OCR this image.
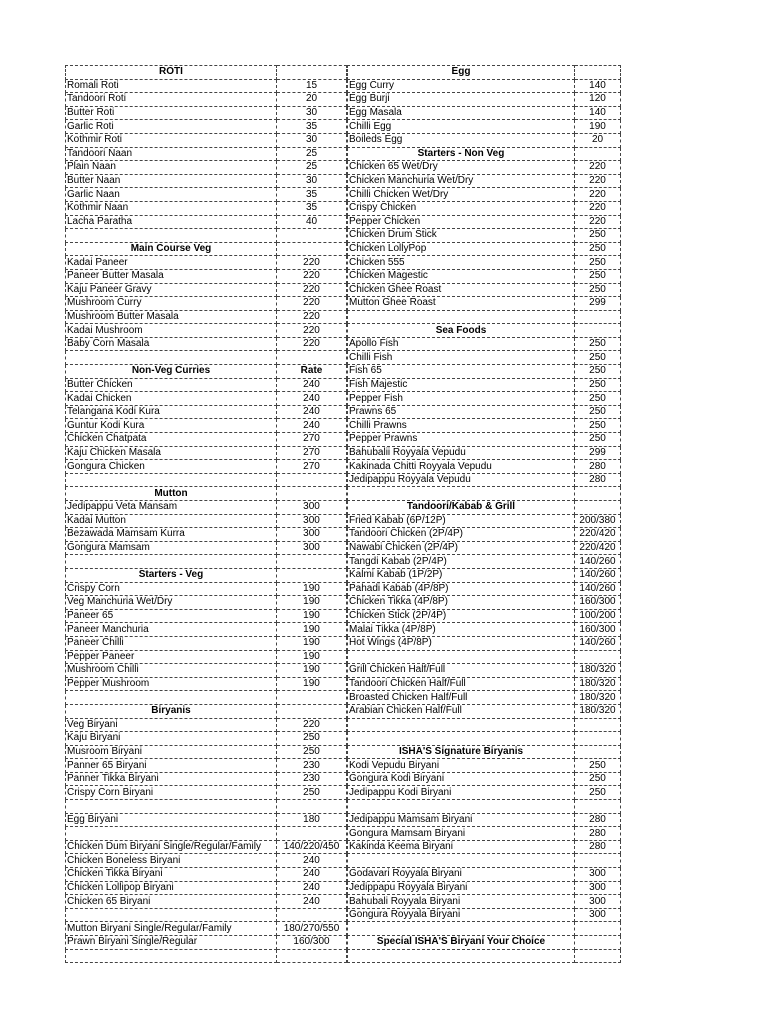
ROTI	
Romali Roti	15
Tandoori Roti	20
Butter Roti	30
Garlic Roti	35
Kothmir Roti	30
Tandoori Naan	25
Plain Naan	25
Butter Naan	30
Garlic Naan	35
Kothmir Naan	35
Lacha Paratha	40

Main Course Veg	
Kadai Paneer	220
Paneer Butter Masala	220
Kaju Paneer Gravy	220
Mushroom Curry	220
Mushroom Butter Masala	220
Kadai Mushroom	220
Baby Corn Masala	220

Non-Veg Curries	Rate
Butter Chicken	240
Kadai Chicken	240
Telangana Kodi Kura	240
Guntur Kodi Kura	240
Chicken Chatpata	270
Kaju Chicken Masala	270
Gongura Chicken	270

Mutton	
Jedipappu Veta Mansam	300
Kadai Mutton	300
Bezawada Mamsam Kurra	300
Gongura Mamsam	300

Starters - Veg	
Crispy Corn	190
Veg Manchuria Wet/Dry	190
Paneer 65	190
Paneer Manchuria	190
Paneer Chilli	190
Pepper Paneer	190
Mushroom Chilli	190
Pepper Mushroom	190

Biryanis	
Veg Biryani	220
Kaju Biryani	250
Musroom Biryani	250
Panner 65 Biryani	230
Panner Tikka Biryani	230
Crispy Corn Biryani	250

Egg Biryani	180

Chicken Dum Biryani Single/Regular/Family	140/220/450
Chicken Boneless Biryani	240
Chicken Tikka Biryani	240
Chicken Lollipop Biryani	240
Chicken 65 Biryani	240

Mutton Biryani Single/Regular/Family	180/270/550
Prawn Biryani Single/Regular	160/300

Egg	
Egg Curry	140
Egg Burji	120
Egg Masala	140
Chilli Egg	190
Boileds Egg	20
Starters - Non Veg	
Chicken 65 Wet/Dry	220
Chicken Manchuria Wet/Dry	220
Chilli Chicken Wet/Dry	220
Crispy Chicken	220
Pepper Chicken	220
Chicken Drum Stick	250
Chicken LollyPop	250
Chicken 555	250
Chicken Magestic	250
Chicken Ghee Roast	250
Mutton Ghee Roast	299

Sea Foods	
Apollo Fish	250
Chilli Fish	250
Fish 65	250
Fish Majestic	250
Pepper Fish	250
Prawns 65	250
Chilli Prawns	250
Pepper Prawns	250
Bahubalii Royyala Vepudu	299
Kakinada Chitti Royyala Vepudu	280
Jedipappu Royyala Vepudu	280

Tandoori/Kabab & Grill	
Fried Kabab (6P/12P)	200/380
Tandoori Chicken (2P/4P)	220/420
Nawabi Chicken (2P/4P)	220/420
Tangdi Kabab (2P/4P)	140/260
Kalmi Kabab (1P/2P)	140/260
Pahadi Kabab (4P/8P)	140/260
Chicken Tikka (4P/8P)	160/300
Chicken Stick (2P/4P)	100/200
Malai Tikka (4P/8P)	160/300
Hot Wings (4P/8P)	140/260

Grill Chicken Half/Full	180/320
Tandoori Chicken Half/Full	180/320
Broasted Chicken Half/Full	180/320
Arabian Chicken Half/Full	180/320

ISHA'S Signature Biryanis	
Kodi Vepudu Biryani	250
Gongura Kodi Biryani	250
Jedipappu Kodi Biryani	250

Jedipappu Mamsam Biryani	280
Gongura Mamsam Biryani	280
Kakinda Keema Biryani	280

Godavari Royyala Biryani	300
Jedippapu Royyala Biryani	300
Bahubali Royyala Biryani	300
Gongura Royyala Biryani	300

Special ISHA'S Biryani Your Choice	
